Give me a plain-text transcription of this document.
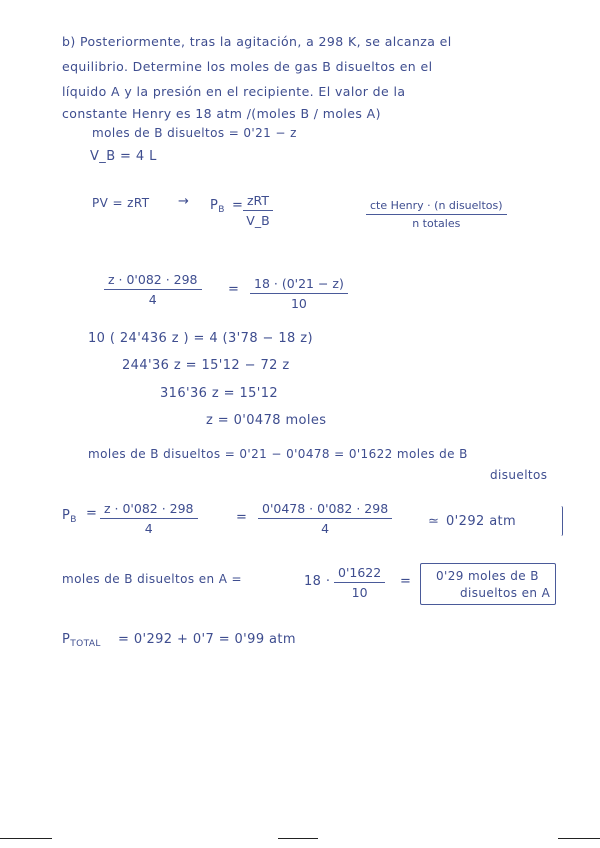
b) Posteriormente, tras la agitación, a 298 K, se alcanza el
equilibrio. Determine los moles de gas B disueltos en el
líquido A y la presión en el recipiente. El valor de la
constante Henry es 18 atm /(moles B / moles A)
moles de B disueltos = 0'21 − z
V_B = 4 L
PV = zRT → $P_B$ = zRT
V_B
cte Henry · (n disueltos)
n totales
$\frac{z \cdot 0'082 \cdot 298}{4} = \frac{18 \cdot (0'21 - z)}{10}$
10 ( 24'436 z ) = 4 (3'78 − 18 z)
244'36 z = 15'12 − 72 z
316'36 z = 15'12
z = 0'0478 moles
moles de B disueltos = 0'21 − 0'0478 = 0'1622 moles de B
disueltos
$P_B = \frac{z \cdot 0'082 \cdot 298}{4}$	= $\frac{0'0478 \cdot 0'082 \cdot 298}{4}$	≃ 0'292 atm
moles de B disueltos en A =	$18 \cdot \frac{0'1622}{10} = 0'29$ moles de B
disueltos en A
$P_{TOTAL} = 0'292 + 0'7 = 0'99$ atm
